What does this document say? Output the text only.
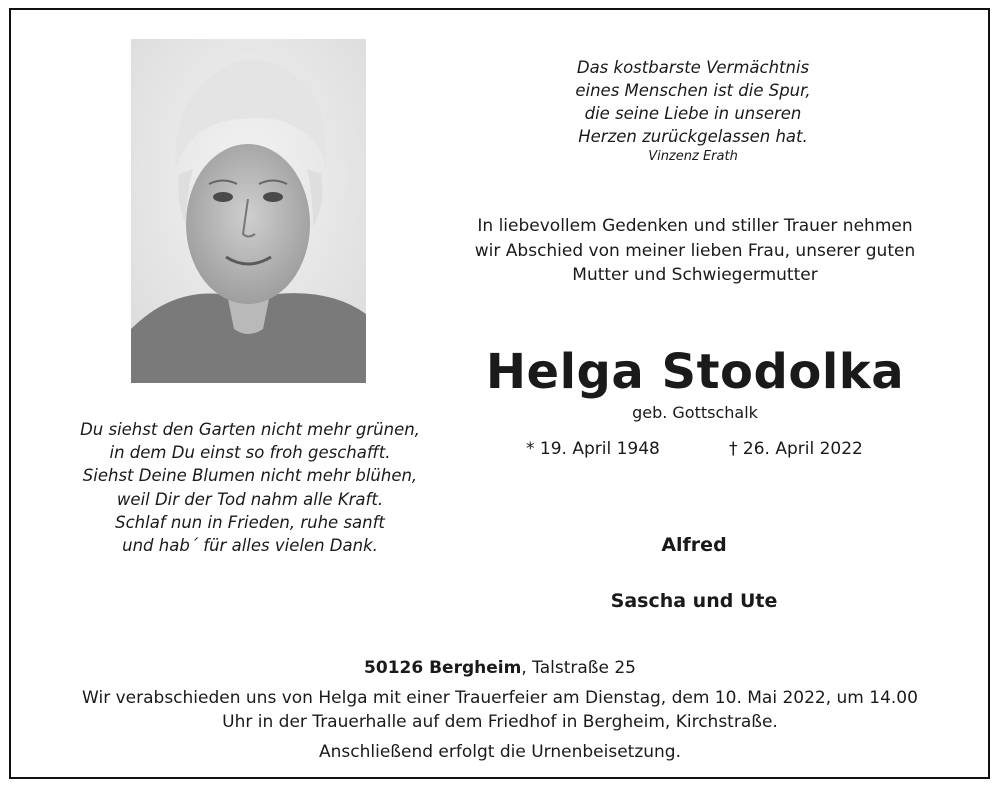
Das kostbarste Vermächtnis
eines Menschen ist die Spur,
die seine Liebe in unseren
Herzen zurückgelassen hat.
Vinzenz Erath
In liebevollem Gedenken und stiller Trauer nehmen
wir Abschied von meiner lieben Frau, unserer guten
Mutter und Schwiegermutter
Helga Stodolka
geb. Gottschalk
* 19. April 1948	† 26. April 2022
Du siehst den Garten nicht mehr grünen,
in dem Du einst so froh geschafft.
Siehst Deine Blumen nicht mehr blühen,
weil Dir der Tod nahm alle Kraft.
Schlaf nun in Frieden, ruhe sanft
und hab´ für alles vielen Dank.	Alfred
Sascha und Ute
50126 Bergheim, Talstraße 25
Wir verabschieden uns von Helga mit einer Trauerfeier am Dienstag, dem 10. Mai 2022, um 14.00
Uhr in der Trauerhalle auf dem Friedhof in Bergheim, Kirchstraße.
Anschließend erfolgt die Urnenbeisetzung.
